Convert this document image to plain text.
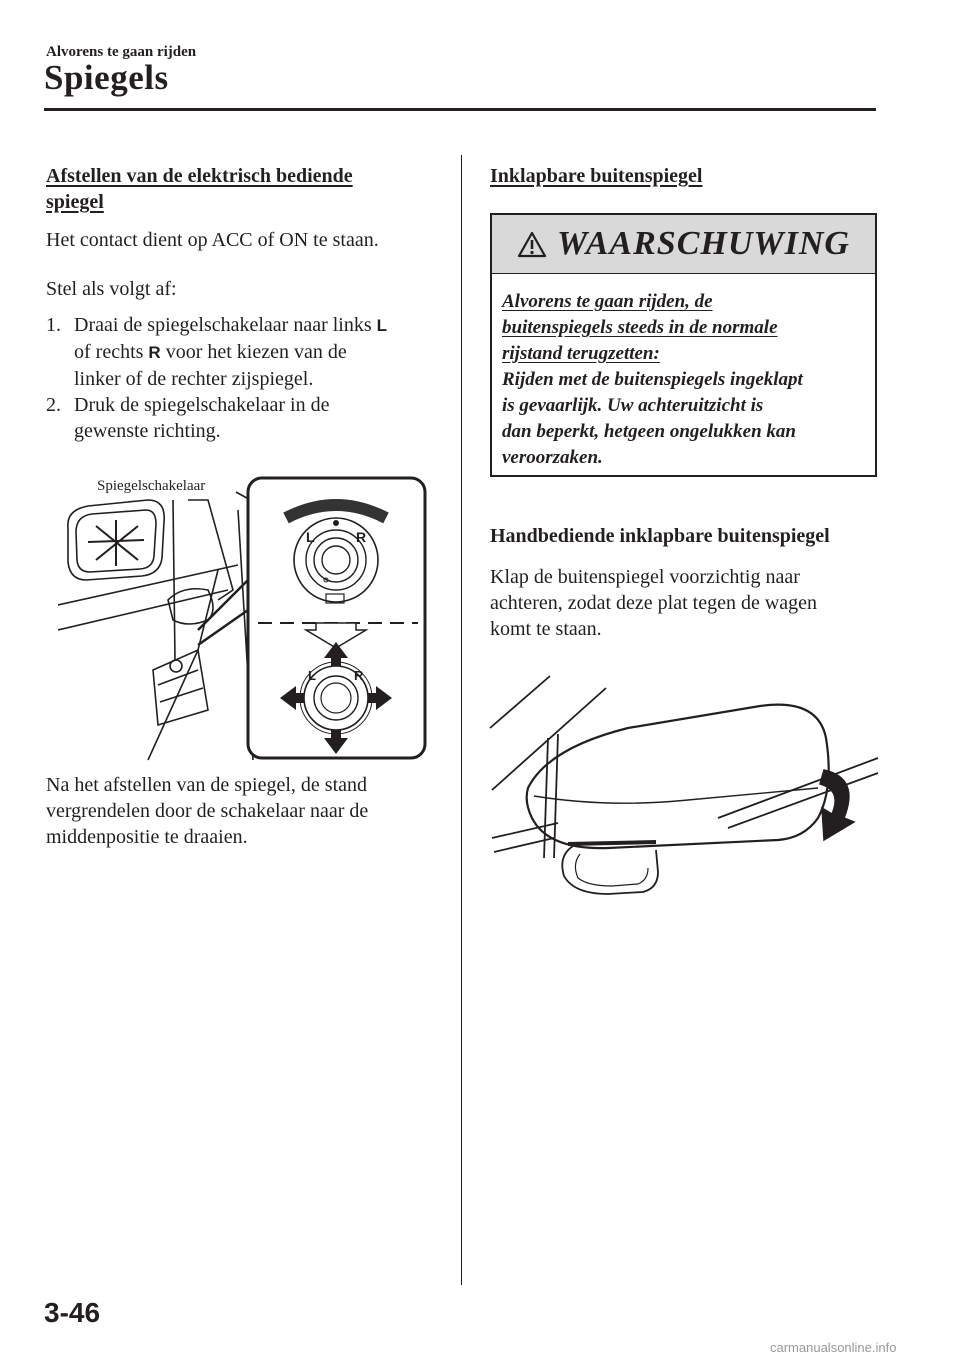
Alvorens te gaan rijden
Spiegels
Afstellen van de elektrisch bediende
spiegel
Het contact dient op ACC of ON te staan.
Stel als volgt af:
1. Draai de spiegelschakelaar naar links L
of rechts R voor het kiezen van de
linker of de rechter zijspiegel.
2. Druk de spiegelschakelaar in de
gewenste richting.
Spiegelschakelaar
L	R
L	R
Na het afstellen van de spiegel, de stand
vergrendelen door de schakelaar naar de
middenpositie te draaien.
Inklapbare buitenspiegel
WAARSCHUWING
Alvorens te gaan rijden, de
buitenspiegels steeds in de normale
rijstand terugzetten:
Rijden met de buitenspiegels ingeklapt
is gevaarlijk. Uw achteruitzicht is
dan beperkt, hetgeen ongelukken kan
veroorzaken.
Handbediende inklapbare buitenspiegel
Klap de buitenspiegel voorzichtig naar
achteren, zodat deze plat tegen de wagen
komt te staan.
3-46
carmanualsonline.info
